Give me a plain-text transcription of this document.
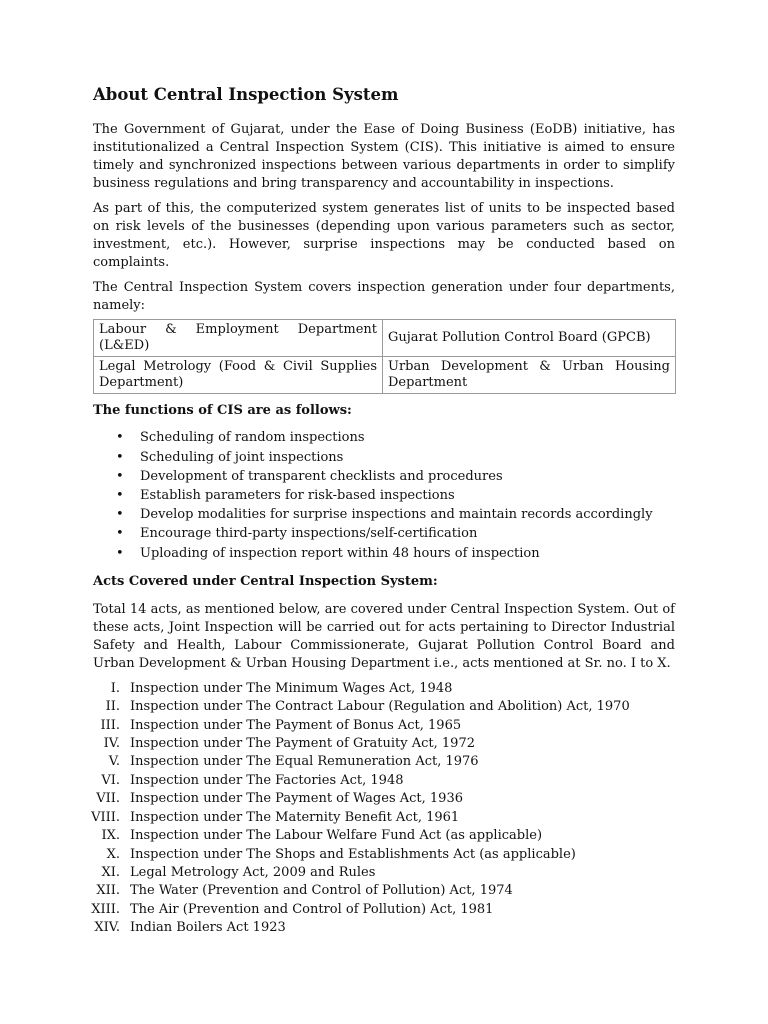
About Central Inspection System

The Government of Gujarat, under the Ease of Doing Business (EoDB) initiative, has institutionalized a Central Inspection System (CIS). This initiative is aimed to ensure timely and synchronized inspections between various departments in order to simplify business regulations and bring transparency and accountability in inspections.

As part of this, the computerized system generates list of units to be inspected based on risk levels of the businesses (depending upon various parameters such as sector, investment, etc.). However, surprise inspections may be conducted based on complaints.

The Central Inspection System covers inspection generation under four departments, namely:

Labour & Employment Department (L&ED)	Gujarat Pollution Control Board (GPCB)
Legal Metrology (Food & Civil Supplies Department)	Urban Development & Urban Housing Department
The functions of CIS are as follows:
• Scheduling of random inspections
• Scheduling of joint inspections
• Development of transparent checklists and procedures
• Establish parameters for risk-based inspections
• Develop modalities for surprise inspections and maintain records accordingly
• Encourage third-party inspections/self-certification
• Uploading of inspection report within 48 hours of inspection
Acts Covered under Central Inspection System:

Total 14 acts, as mentioned below, are covered under Central Inspection System. Out of these acts, Joint Inspection will be carried out for acts pertaining to Director Industrial Safety and Health, Labour Commissionerate, Gujarat Pollution Control Board and Urban Development & Urban Housing Department i.e., acts mentioned at Sr. no. I to X.

I. Inspection under The Minimum Wages Act, 1948
II. Inspection under The Contract Labour (Regulation and Abolition) Act, 1970
III. Inspection under The Payment of Bonus Act, 1965
IV. Inspection under The Payment of Gratuity Act, 1972
V. Inspection under The Equal Remuneration Act, 1976
VI. Inspection under The Factories Act, 1948
VII. Inspection under The Payment of Wages Act, 1936
VIII. Inspection under The Maternity Benefit Act, 1961
IX. Inspection under The Labour Welfare Fund Act (as applicable)
X. Inspection under The Shops and Establishments Act (as applicable)
XI. Legal Metrology Act, 2009 and Rules
XII. The Water (Prevention and Control of Pollution) Act, 1974
XIII. The Air (Prevention and Control of Pollution) Act, 1981
XIV. Indian Boilers Act 1923
